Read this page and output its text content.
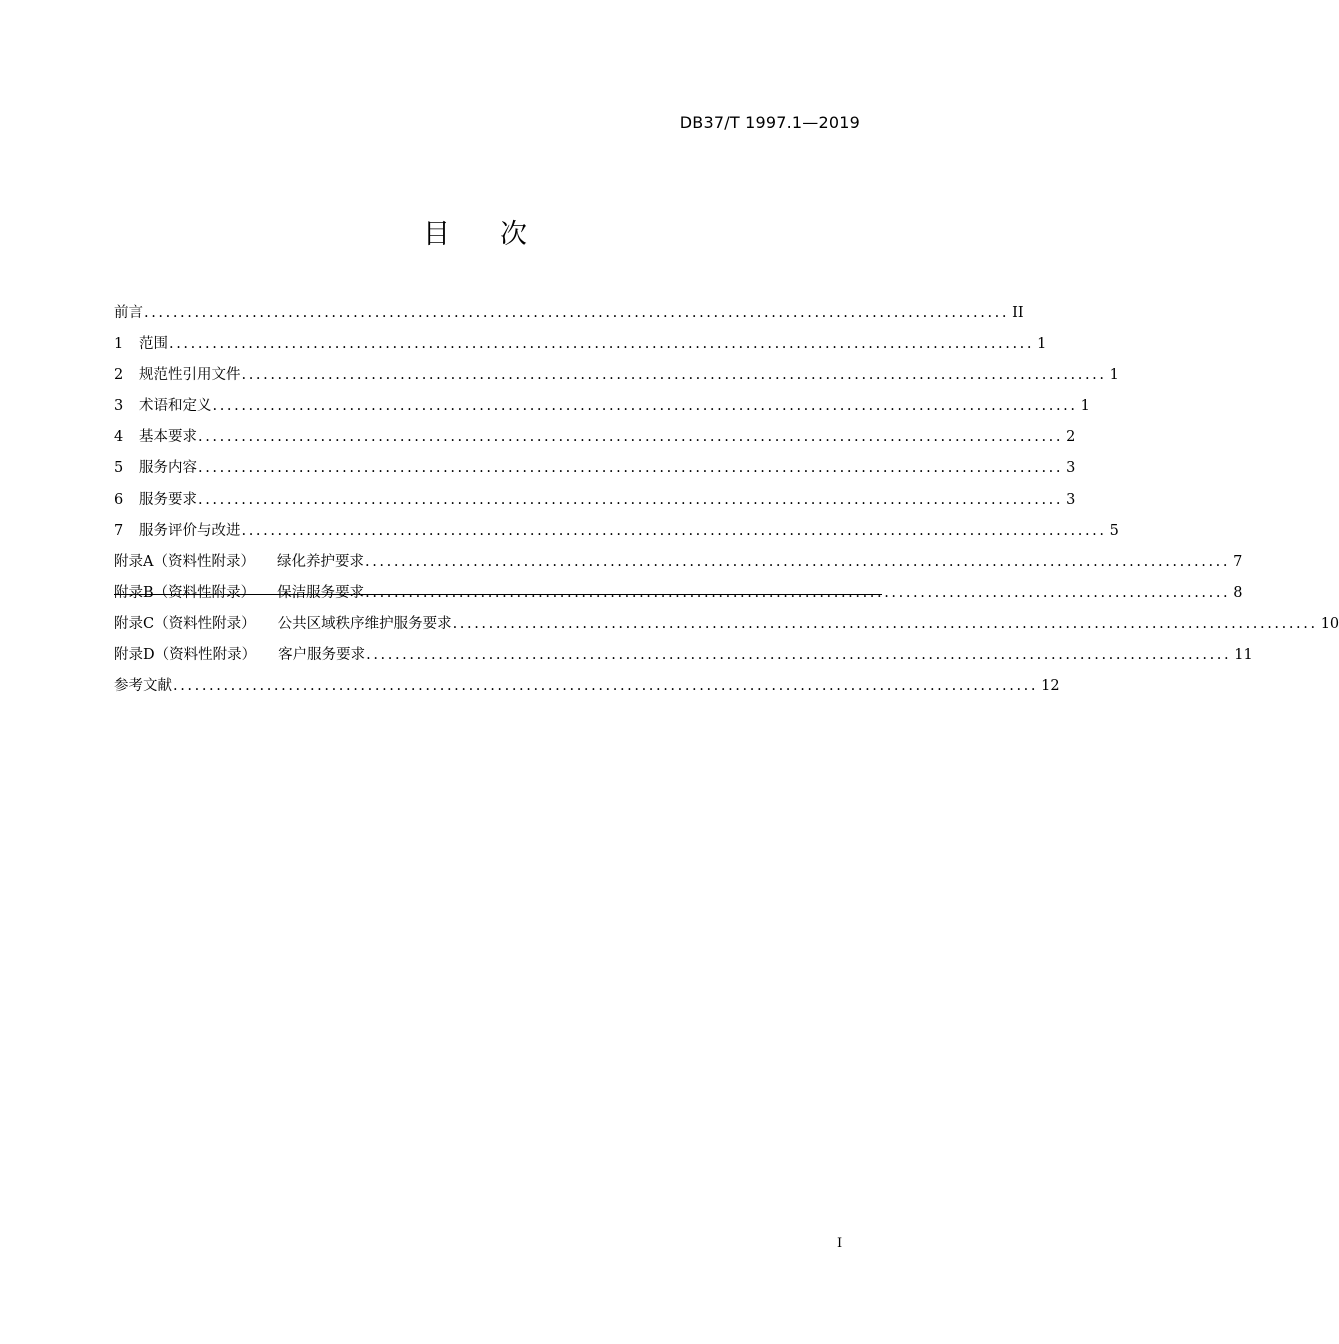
DB37/T 1997.1—2019
目 次
前言 ........................................................................................................................ II
1	范围 ........................................................................................................................ 1
2	规范性引用文件 ........................................................................................................................ 1
3	术语和定义 ........................................................................................................................ 1
4	基本要求 ........................................................................................................................ 2
5	服务内容 ........................................................................................................................ 3
6	服务要求 ........................................................................................................................ 3
7	服务评价与改进 ........................................................................................................................ 5
附录A（资料性附录） 绿化养护要求 ........................................................................................................................ 7
附录B（资料性附录） 保洁服务要求 ........................................................................................................................ 8
附录C（资料性附录） 公共区域秩序维护服务要求 ........................................................................................................................ 10
附录D（资料性附录） 客户服务要求 ........................................................................................................................ 11
参考文献 ........................................................................................................................ 12
I
